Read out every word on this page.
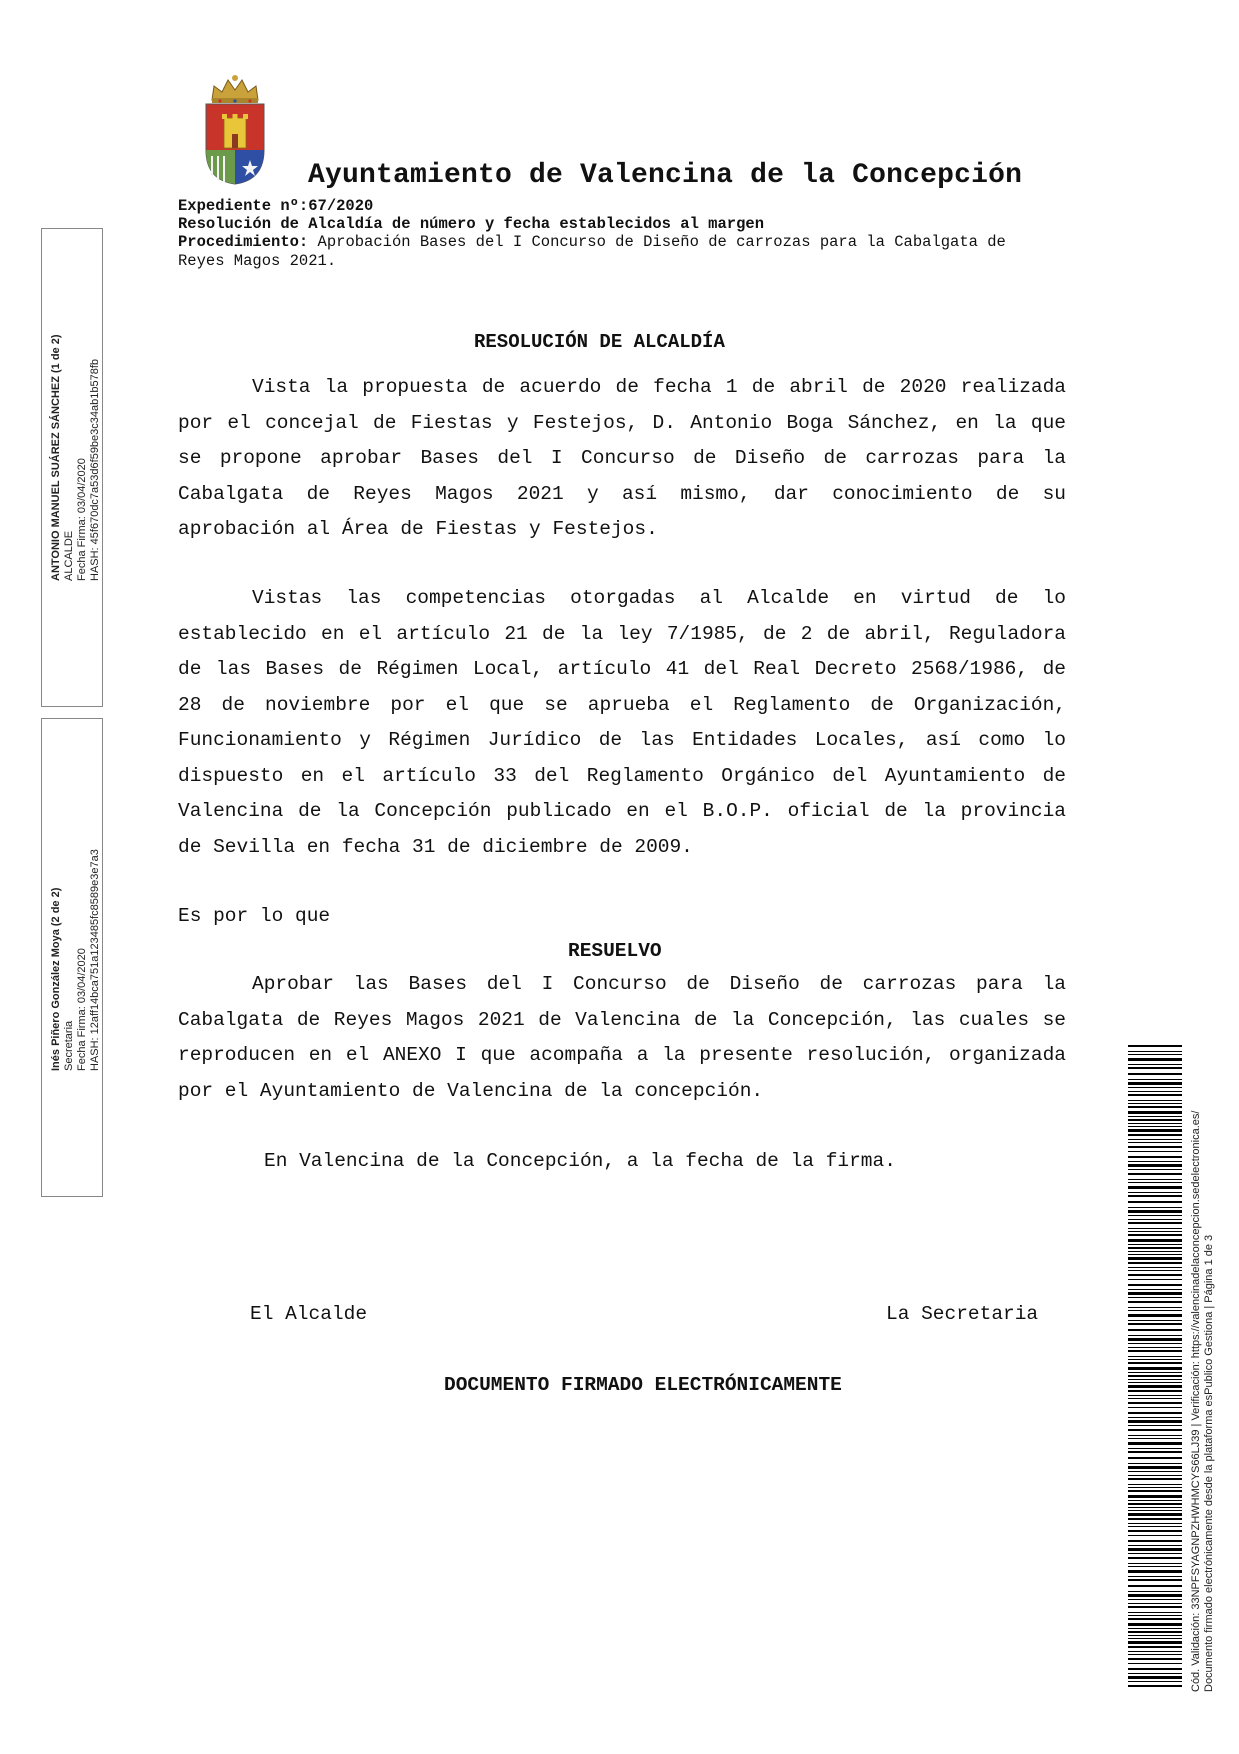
Ayuntamiento de Valencina de la Concepción
Expediente nº:67/2020
Resolución de Alcaldía de número y fecha establecidos al margen
Procedimiento: Aprobación Bases del I Concurso de Diseño de carrozas para la Cabalgata de Reyes Magos 2021.
RESOLUCIÓN DE ALCALDÍA

Vista la propuesta de acuerdo de fecha 1 de abril de 2020 realizada por el concejal de Fiestas y Festejos, D. Antonio Boga Sánchez, en la que se propone aprobar Bases del I Concurso de Diseño de carrozas para la Cabalgata de Reyes Magos 2021 y así mismo, dar conocimiento de su aprobación al Área de Fiestas y Festejos.

Vistas las competencias otorgadas al Alcalde en virtud de lo establecido en el artículo 21 de la ley 7/1985, de 2 de abril, Reguladora de las Bases de Régimen Local, artículo 41 del Real Decreto 2568/1986, de 28 de noviembre por el que se aprueba el Reglamento de Organización, Funcionamiento y Régimen Jurídico de las Entidades Locales, así como lo dispuesto en el artículo 33 del Reglamento Orgánico del Ayuntamiento de Valencina de la Concepción publicado en el B.O.P. oficial de la provincia de Sevilla en fecha 31 de diciembre de 2009.

Es por lo que
RESUELVO

Aprobar las Bases del I Concurso de Diseño de carrozas para la Cabalgata de Reyes Magos 2021 de Valencina de la Concepción, las cuales se reproducen en el ANEXO I que acompaña a la presente resolución, organizada por el Ayuntamiento de Valencina de la concepción.

En Valencina de la Concepción, a la fecha de la firma.
El Alcalde	La Secretaria
DOCUMENTO FIRMADO ELECTRÓNICAMENTE
ANTONIO MANUEL SUÁREZ SÁNCHEZ (1 de 2) ALCALDE Fecha Firma: 03/04/2020 HASH: 45f670dc7a53d6f59be3c34ab1b578fb
Inés Piñero González Moya (2 de 2) Secretaria Fecha Firma: 03/04/2020 HASH: 12aff14bca751a123485fc8589e3e7a3
Cód. Validación: 33NPFSYAGNPZHWHMCYS66LJ39 | Verificación: https://valencinadelaconcepcion.sedelectronica.es/ Documento firmado electrónicamente desde la plataforma esPublico Gestiona | Página 1 de 3
